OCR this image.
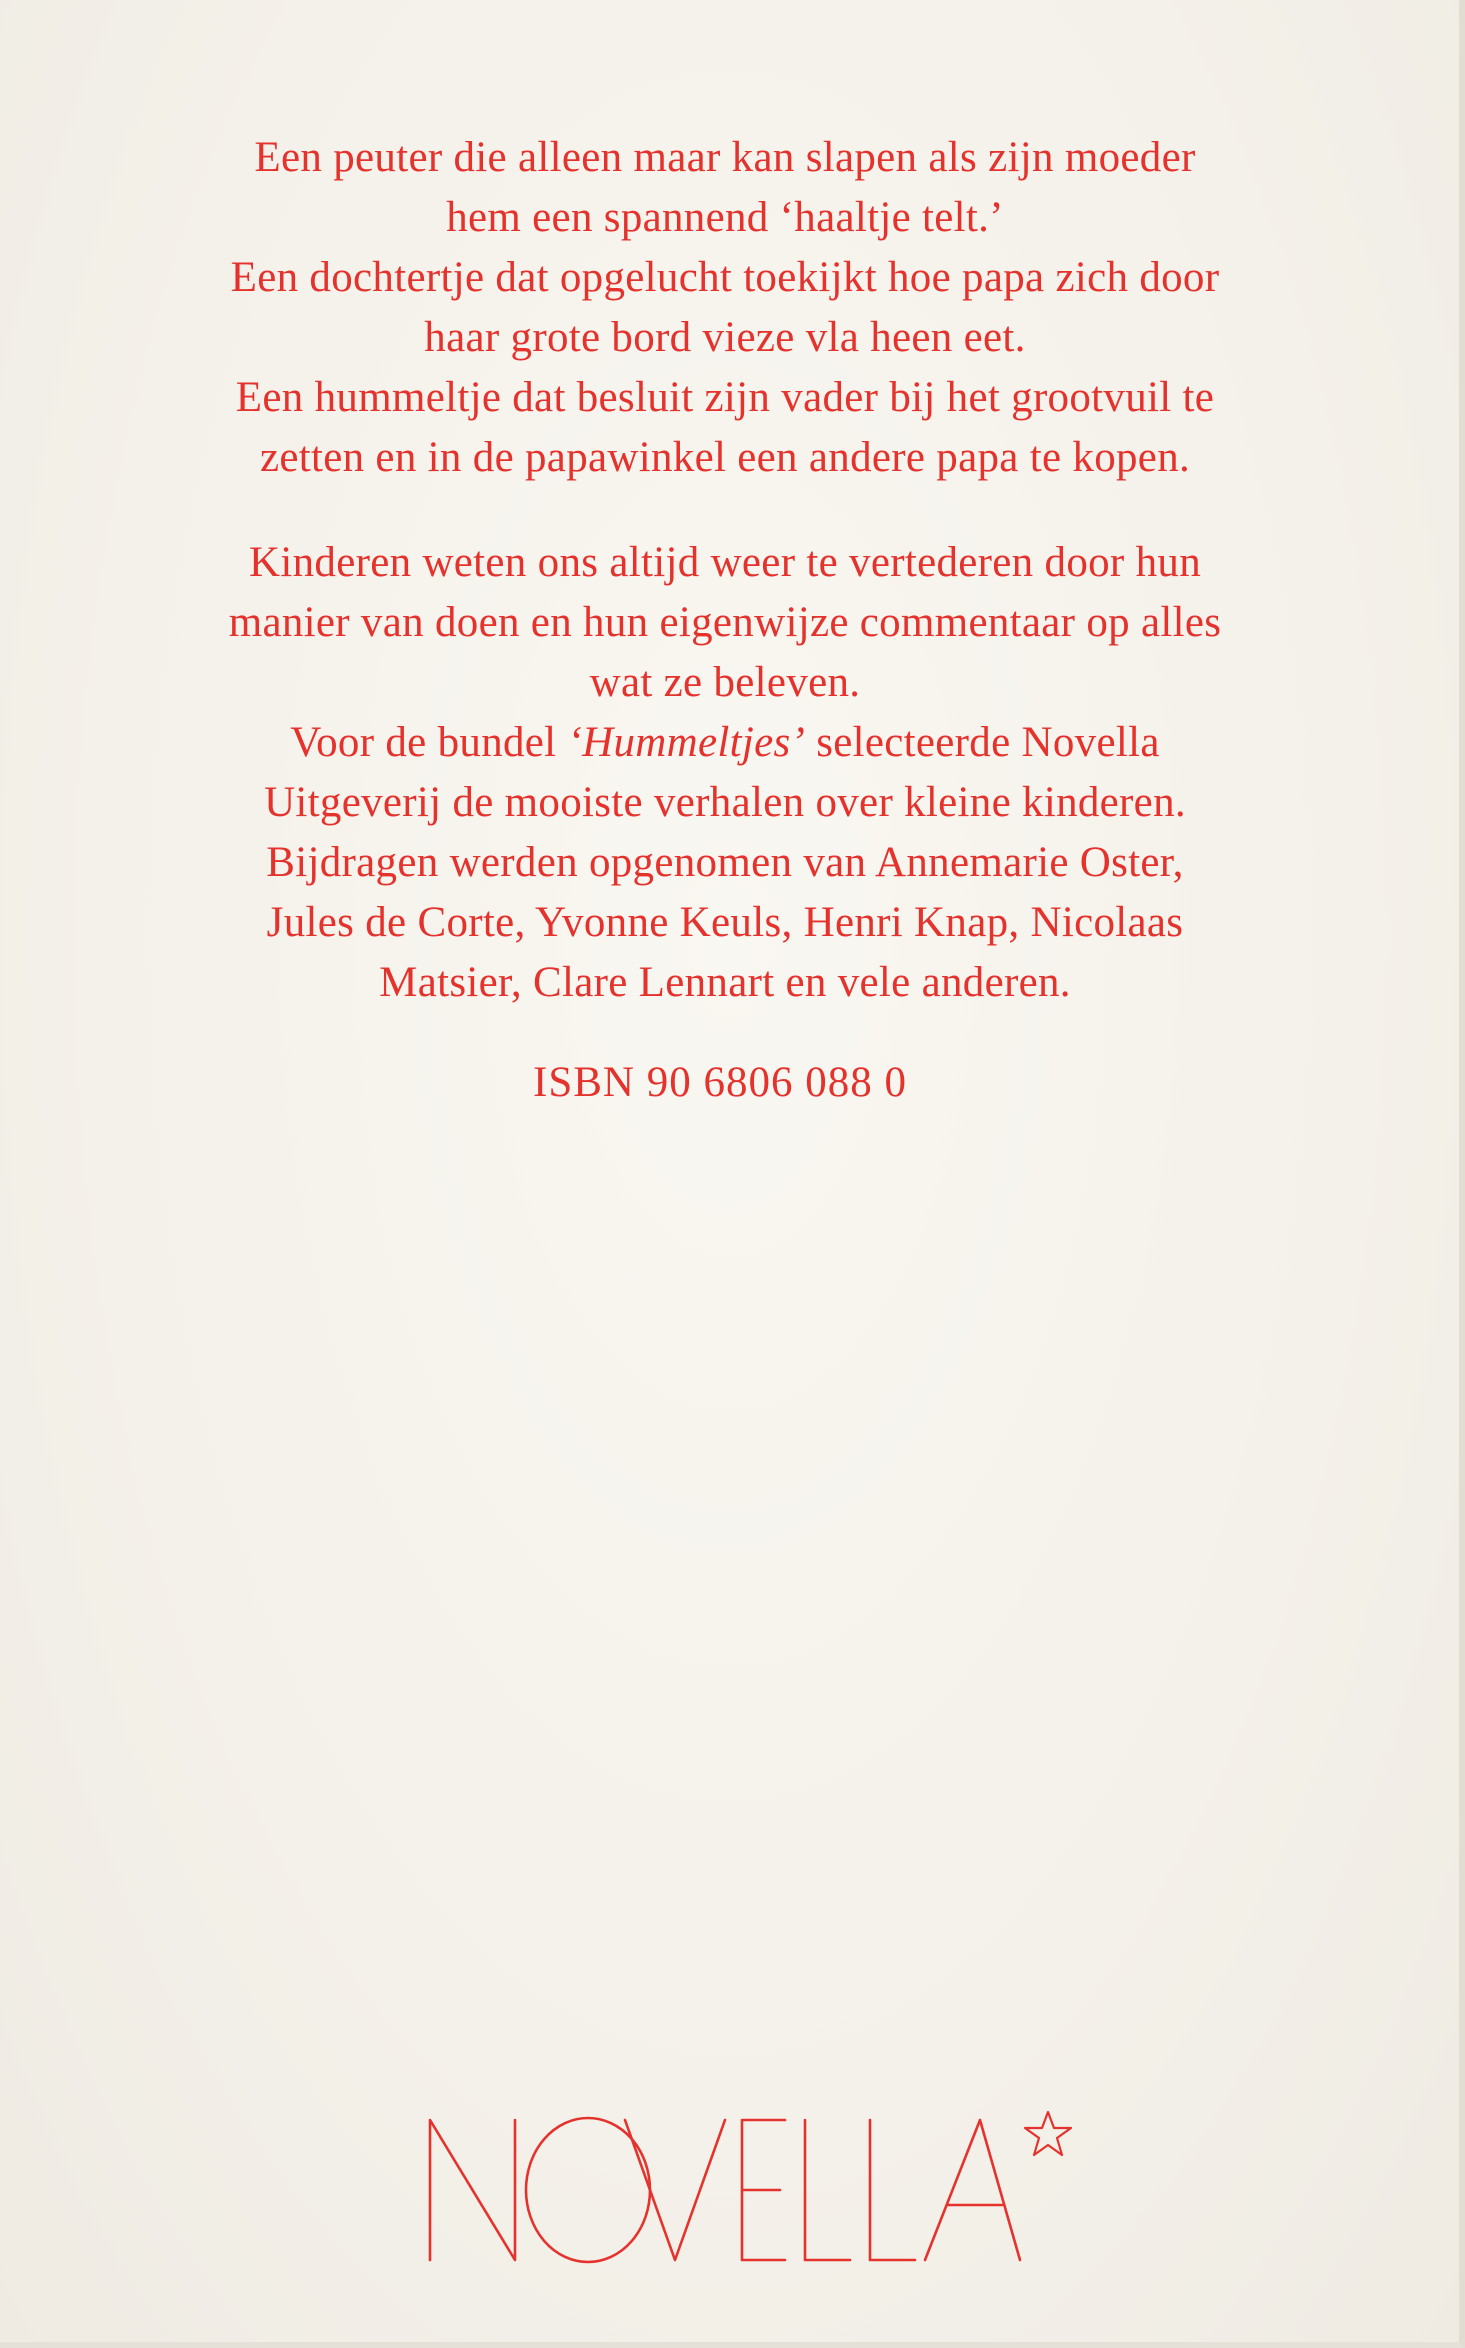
Een peuter die alleen maar kan slapen als zijn moeder

hem een spannend ‘haaltje telt.’

Een dochtertje dat opgelucht toekijkt hoe papa zich door

haar grote bord vieze vla heen eet.

Een hummeltje dat besluit zijn vader bij het grootvuil te

zetten en in de papawinkel een andere papa te kopen.

Kinderen weten ons altijd weer te vertederen door hun

manier van doen en hun eigenwijze commentaar op alles

wat ze beleven.

Voor de bundel ‘Hummeltjes’ selecteerde Novella

Uitgeverij de mooiste verhalen over kleine kinderen.

Bijdragen werden opgenomen van Annemarie Oster,

Jules de Corte, Yvonne Keuls, Henri Knap, Nicolaas

Matsier, Clare Lennart en vele anderen.

ISBN 90 6806 088 0
